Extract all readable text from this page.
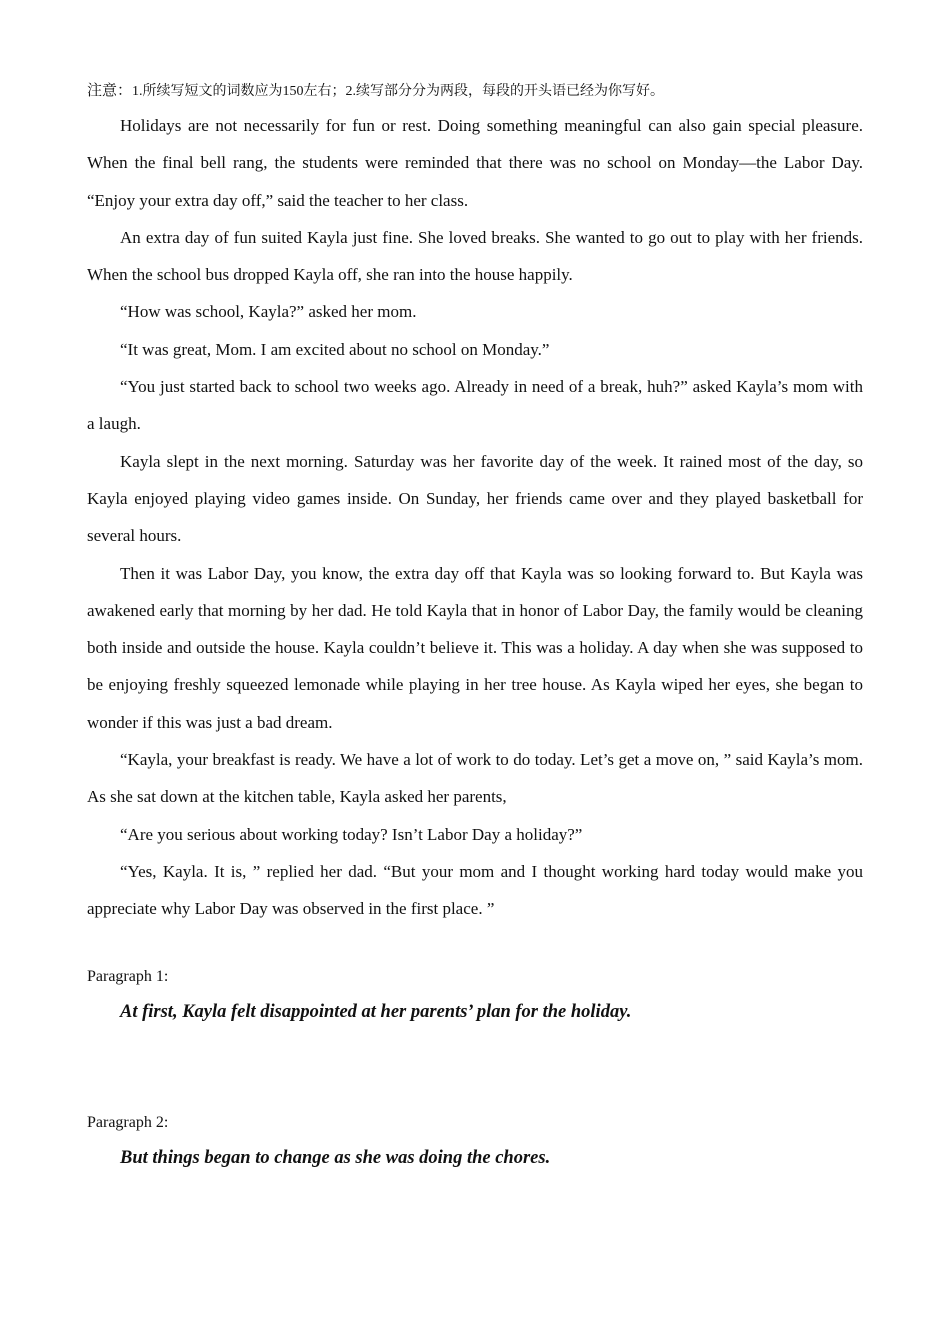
注意：1.所续写短文的词数应为150左右；2.续写部分分为两段，每段的开头语已经为你写好。

Holidays are not necessarily for fun or rest. Doing something meaningful can also gain special pleasure. When the final bell rang, the students were reminded that there was no school on Monday—the Labor Day. “Enjoy your extra day off,” said the teacher to her class.

An extra day of fun suited Kayla just fine. She loved breaks. She wanted to go out to play with her friends. When the school bus dropped Kayla off, she ran into the house happily.

“How was school, Kayla?” asked her mom.

“It was great, Mom. I am excited about no school on Monday.”

“You just started back to school two weeks ago. Already in need of a break, huh?” asked Kayla’s mom with a laugh.

Kayla slept in the next morning. Saturday was her favorite day of the week. It rained most of the day, so Kayla enjoyed playing video games inside. On Sunday, her friends came over and they played basketball for several hours.

Then it was Labor Day, you know, the extra day off that Kayla was so looking forward to. But Kayla was awakened early that morning by her dad. He told Kayla that in honor of Labor Day, the family would be cleaning both inside and outside the house. Kayla couldn’t believe it. This was a holiday. A day when she was supposed to be enjoying freshly squeezed lemonade while playing in her tree house. As Kayla wiped her eyes, she began to wonder if this was just a bad dream.

“Kayla, your breakfast is ready. We have a lot of work to do today. Let’s get a move on, ” said Kayla’s mom. As she sat down at the kitchen table, Kayla asked her parents,

“Are you serious about working today? Isn’t Labor Day a holiday?”

“Yes, Kayla. It is, ” replied her dad. “But your mom and I thought working hard today would make you appreciate why Labor Day was observed in the first place. ”

Paragraph 1:

At first, Kayla felt disappointed at her parents’ plan for the holiday.

Paragraph 2:

But things began to change as she was doing the chores.
